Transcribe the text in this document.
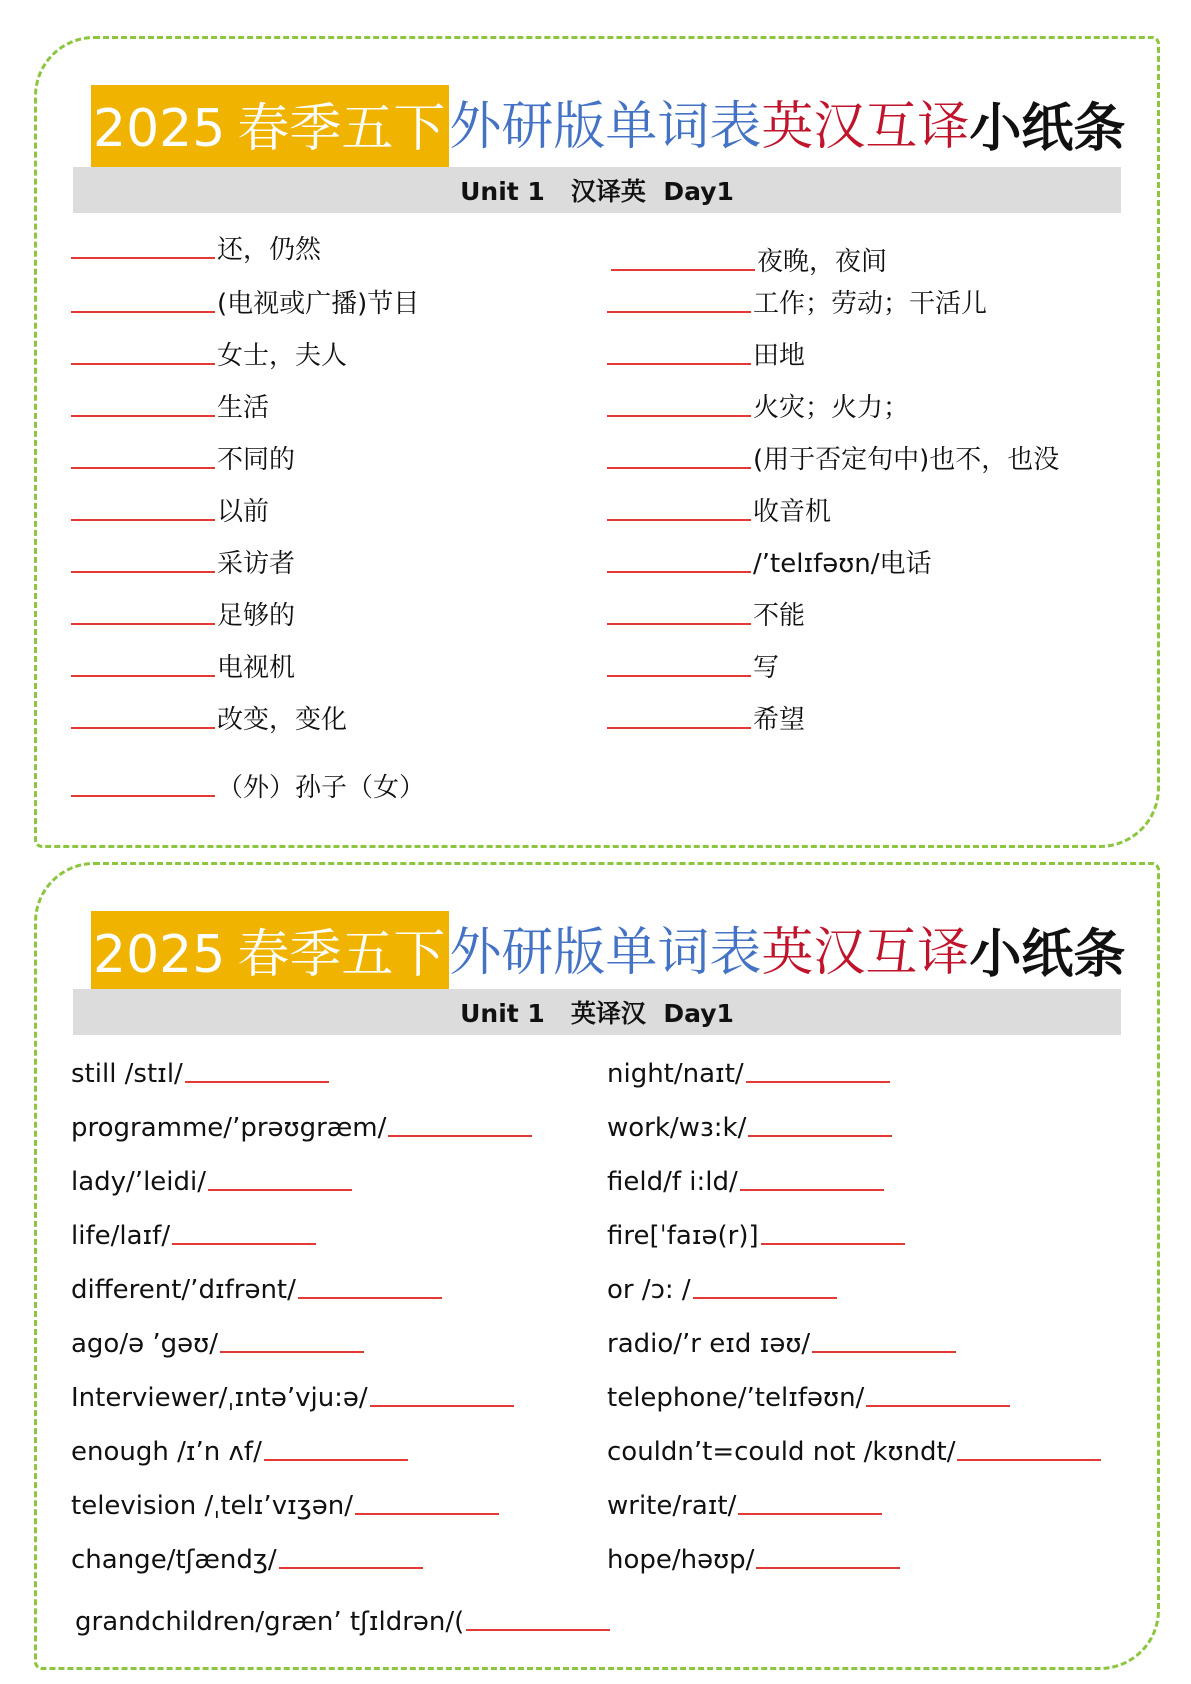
2025 春季五下 外研版单词表 英汉互译 小纸条
Unit 1   汉译英  Day1
还，仍然
(电视或广播)节目
女士，夫人
生活
不同的
以前
采访者
足够的
电视机
改变，变化
（外）孙子（女）
夜晚，夜间
工作；劳动；干活儿
田地
火灾；火力；
(用于否定句中)也不，也没
收音机
/’telɪfəʊn/电话
不能
写
希望
2025 春季五下 外研版单词表 英汉互译 小纸条
Unit 1   英译汉  Day1
still /stɪl/
programme/’prəʊgræm/
lady/’leidi/
life/laɪf/
different/’dɪfrənt/
ago/ə ’gəʊ/
Interviewer/ˌɪntə’vju:ə/
enough /ɪ’n ʌf/
television /ˌtelɪ’vɪʒən/
change/tʃændʒ/
grandchildren/græn’ tʃɪldrən/(
night/naɪt/
work/wɜ:k/
field/f i:ld/
fire[ˈfaɪə(r)]
or /ɔ: /
radio/’r eɪd ɪəʊ/
telephone/’telɪfəʊn/
couldn’t=could not /kʊndt/
write/raɪt/
hope/həʊp/
